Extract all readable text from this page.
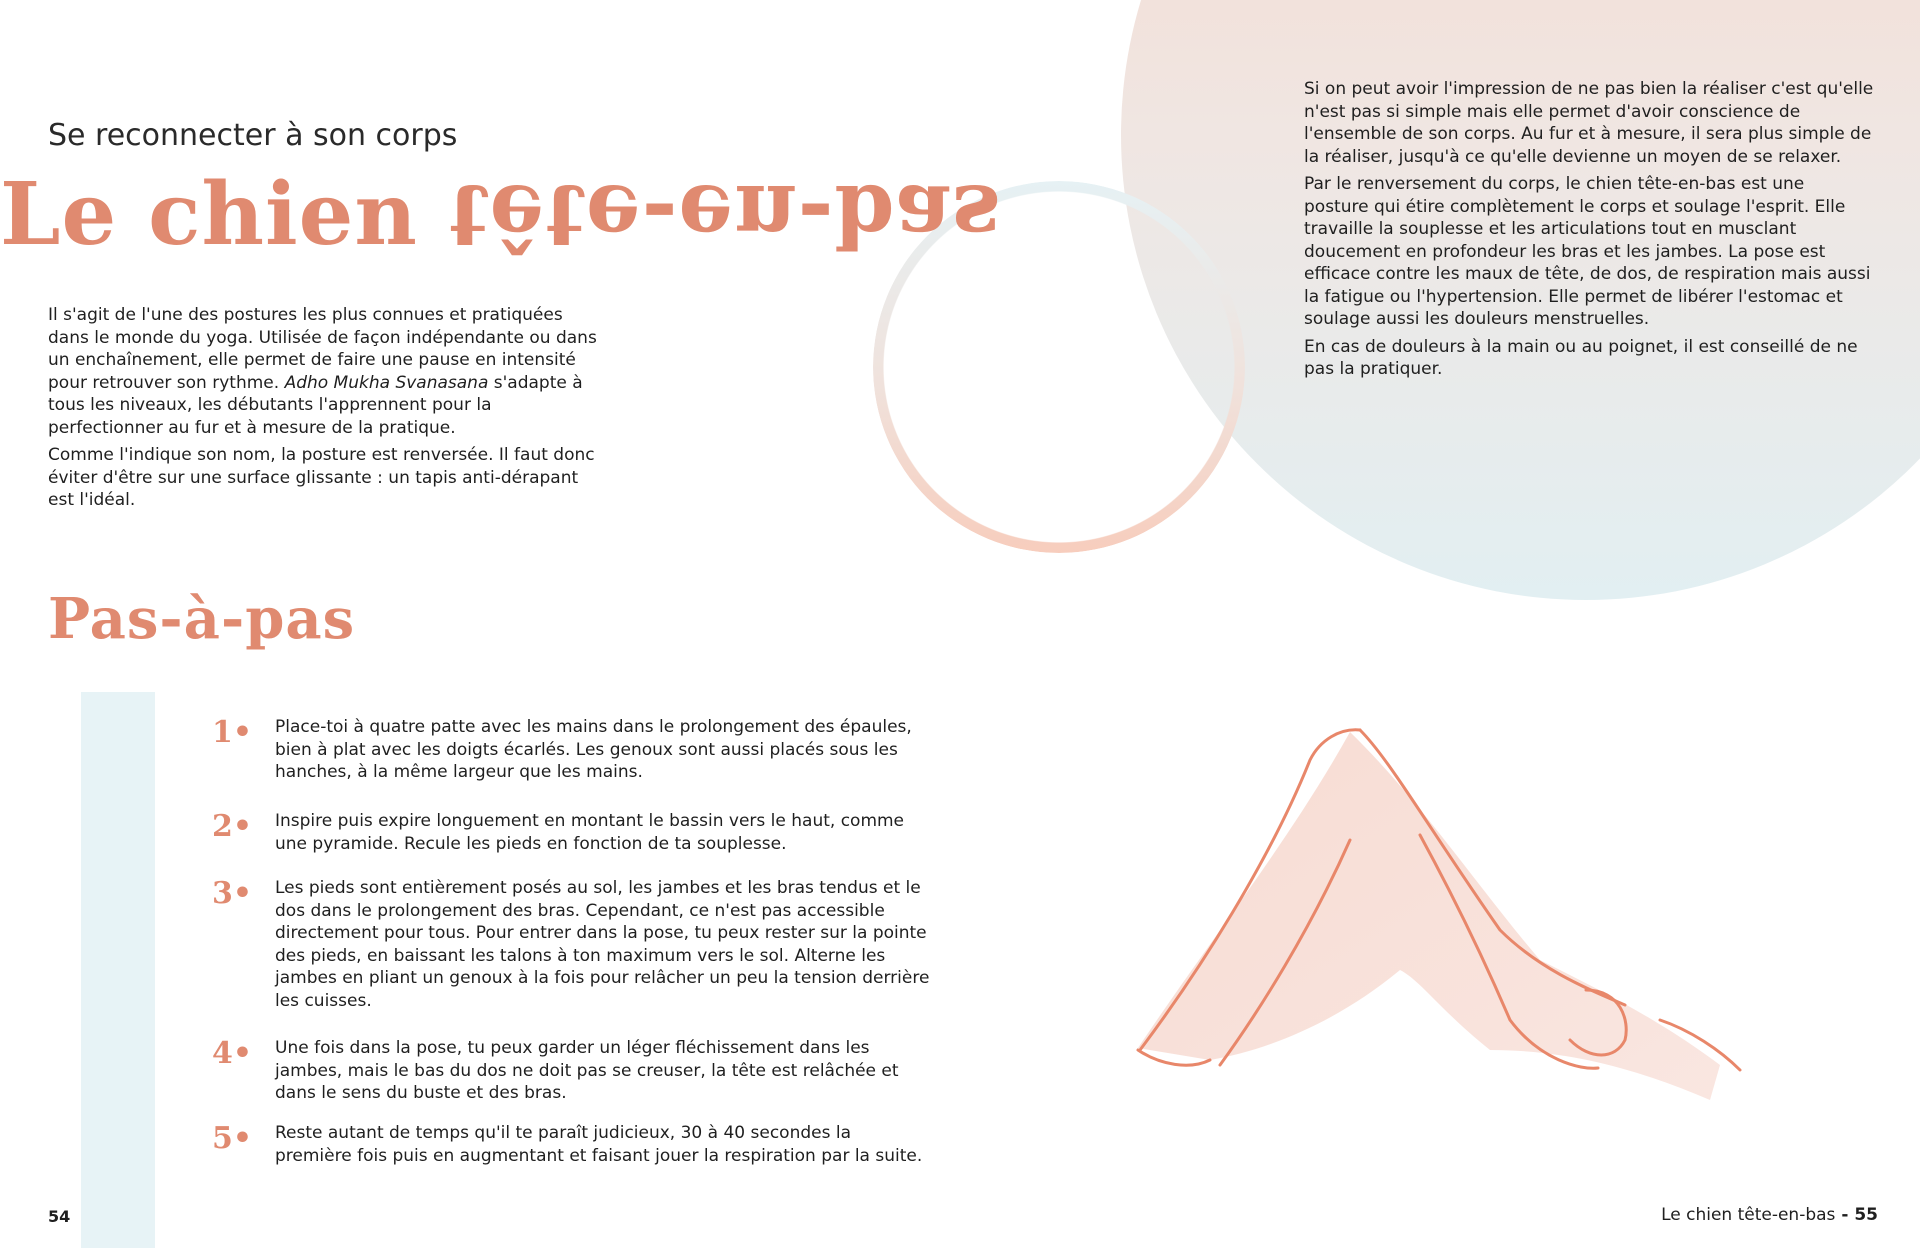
Se reconnecter à son corps
Le chien tête-en-bas

Il s'agit de l'une des postures les plus connues et pratiquées dans le monde du yoga. Utilisée de façon indépendante ou dans un enchaînement, elle permet de faire une pause en intensité pour retrouver son rythme. Adho Mukha Svanasana s'adapte à tous les niveaux, les débutants l'apprennent pour la perfectionner au fur et à mesure de la pratique.

Comme l'indique son nom, la posture est renversée. Il faut donc éviter d'être sur une surface glissante : un tapis anti-dérapant est l'idéal.

Si on peut avoir l'impression de ne pas bien la réaliser c'est qu'elle n'est pas si simple mais elle permet d'avoir conscience de l'ensemble de son corps. Au fur et à mesure, il sera plus simple de la réaliser, jusqu'à ce qu'elle devienne un moyen de se relaxer.

Par le renversement du corps, le chien tête-en-bas est une posture qui étire complètement le corps et soulage l'esprit. Elle travaille la souplesse et les articulations tout en musclant doucement en profondeur les bras et les jambes. La pose est efficace contre les maux de tête, de dos, de respiration mais aussi la fatigue ou l'hypertension. Elle permet de libérer l'estomac et soulage aussi les douleurs menstruelles.

En cas de douleurs à la main ou au poignet, il est conseillé de ne pas la pratiquer.

Pas-à-pas
1• Place-toi à quatre patte avec les mains dans le prolongement des épaules, bien à plat avec les doigts écarlés. Les genoux sont aussi placés sous les hanches, à la même largeur que les mains.
2• Inspire puis expire longuement en montant le bassin vers le haut, comme une pyramide. Recule les pieds en fonction de ta souplesse.
3• Les pieds sont entièrement posés au sol, les jambes et les bras tendus et le dos dans le prolongement des bras. Cependant, ce n'est pas accessible directement pour tous. Pour entrer dans la pose, tu peux rester sur la pointe des pieds, en baissant les talons à ton maximum vers le sol. Alterne les jambes en pliant un genoux à la fois pour relâcher un peu la tension derrière les cuisses.
4• Une fois dans la pose, tu peux garder un léger fléchissement dans les jambes, mais le bas du dos ne doit pas se creuser, la tête est relâchée et dans le sens du buste et des bras.
5• Reste autant de temps qu'il te paraît judicieux, 30 à 40 secondes la première fois puis en augmentant et faisant jouer la respiration par la suite.
54	Le chien tête-en-bas - 55
